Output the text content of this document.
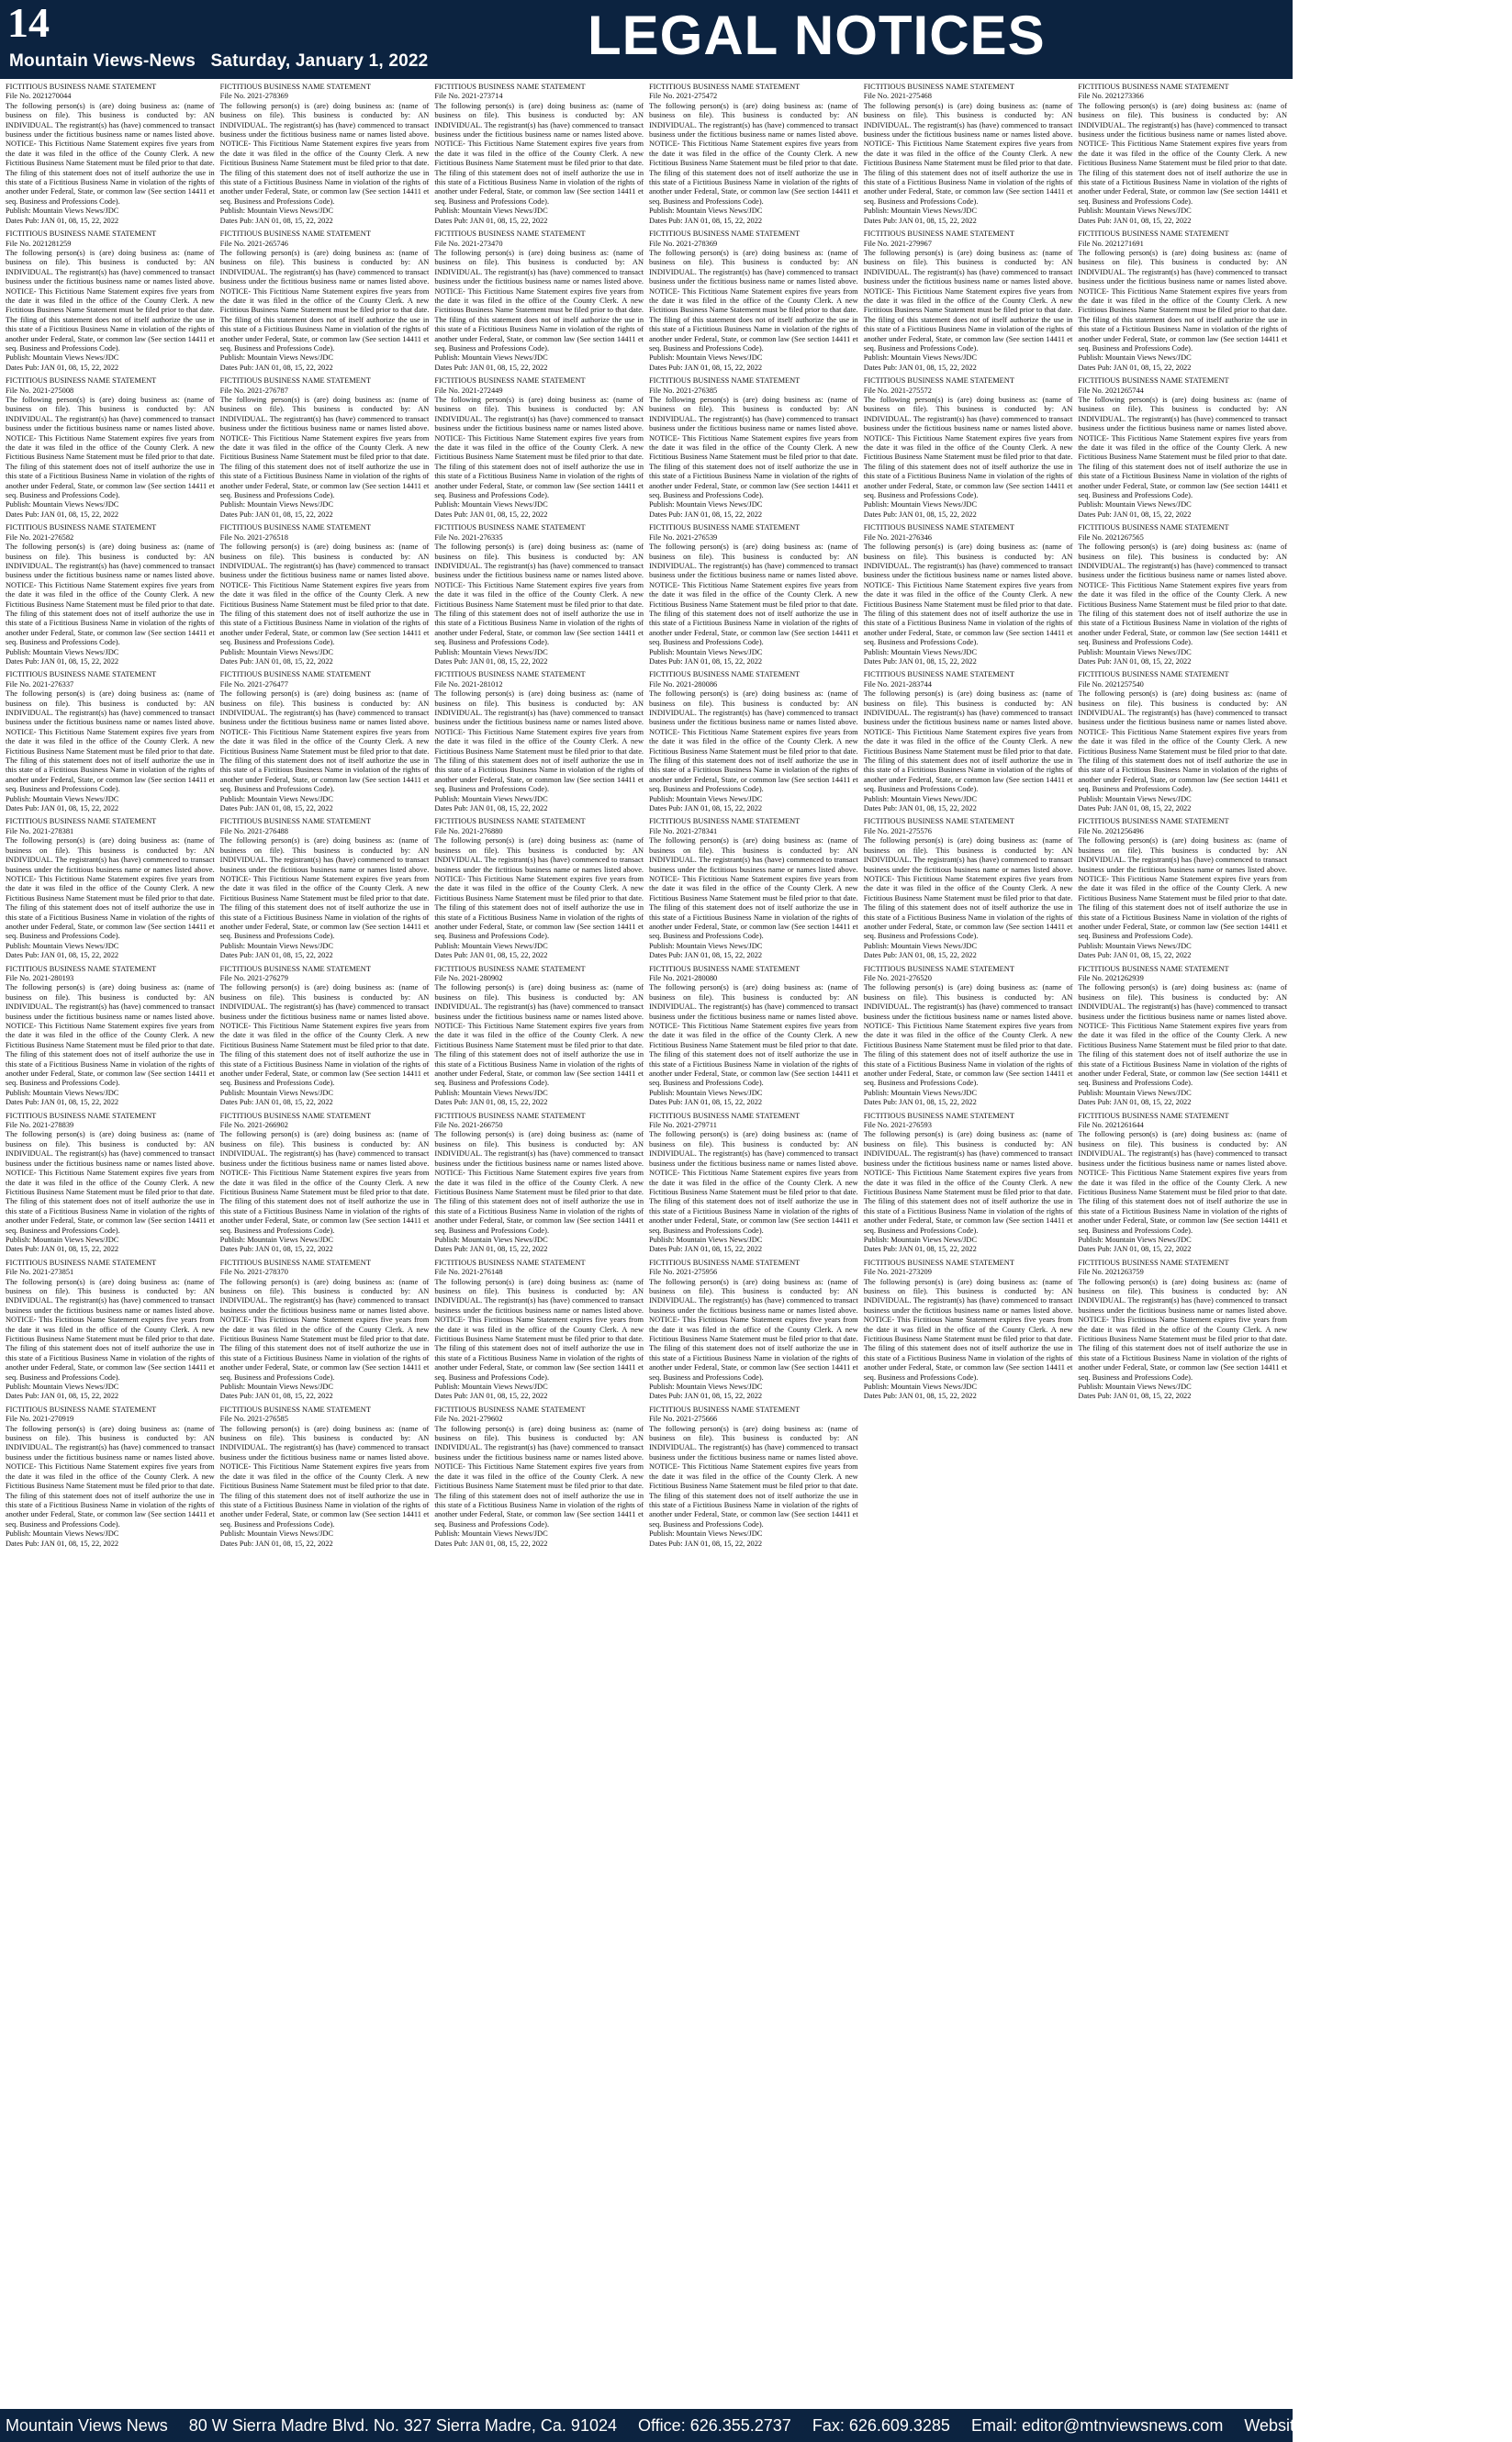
14
Mountain Views-News Saturday, January 1, 2022	LEGAL NOTICES

FICTITIOUS BUSINESS NAME STATEMENT

File No. 2021270044

The following person(s) is (are) doing business as: (name of business on file). This business is conducted by: AN INDIVIDUAL. The registrant(s) has (have) commenced to transact business under the fictitious business name or names listed above. NOTICE- This Fictitious Name Statement expires five years from the date it was filed in the office of the County Clerk. A new Fictitious Business Name Statement must be filed prior to that date. The filing of this statement does not of itself authorize the use in this state of a Fictitious Business Name in violation of the rights of another under Federal, State, or common law (See section 14411 et seq. Business and Professions Code).

Publish: Mountain Views News/JDC

Dates Pub: JAN 01, 08, 15, 22, 2022

FICTITIOUS BUSINESS NAME STATEMENT

File No. 2021281259

The following person(s) is (are) doing business as: (name of business on file). This business is conducted by: AN INDIVIDUAL. The registrant(s) has (have) commenced to transact business under the fictitious business name or names listed above. NOTICE- This Fictitious Name Statement expires five years from the date it was filed in the office of the County Clerk. A new Fictitious Business Name Statement must be filed prior to that date. The filing of this statement does not of itself authorize the use in this state of a Fictitious Business Name in violation of the rights of another under Federal, State, or common law (See section 14411 et seq. Business and Professions Code).

Publish: Mountain Views News/JDC

Dates Pub: JAN 01, 08, 15, 22, 2022

FICTITIOUS BUSINESS NAME STATEMENT

File No. 2021-275008

The following person(s) is (are) doing business as: (name of business on file). This business is conducted by: AN INDIVIDUAL. The registrant(s) has (have) commenced to transact business under the fictitious business name or names listed above. NOTICE- This Fictitious Name Statement expires five years from the date it was filed in the office of the County Clerk. A new Fictitious Business Name Statement must be filed prior to that date. The filing of this statement does not of itself authorize the use in this state of a Fictitious Business Name in violation of the rights of another under Federal, State, or common law (See section 14411 et seq. Business and Professions Code).

Publish: Mountain Views News/JDC

Dates Pub: JAN 01, 08, 15, 22, 2022

FICTITIOUS BUSINESS NAME STATEMENT

File No. 2021-276582

The following person(s) is (are) doing business as: (name of business on file). This business is conducted by: AN INDIVIDUAL. The registrant(s) has (have) commenced to transact business under the fictitious business name or names listed above. NOTICE- This Fictitious Name Statement expires five years from the date it was filed in the office of the County Clerk. A new Fictitious Business Name Statement must be filed prior to that date. The filing of this statement does not of itself authorize the use in this state of a Fictitious Business Name in violation of the rights of another under Federal, State, or common law (See section 14411 et seq. Business and Professions Code).

Publish: Mountain Views News/JDC

Dates Pub: JAN 01, 08, 15, 22, 2022

FICTITIOUS BUSINESS NAME STATEMENT

File No. 2021-276337

The following person(s) is (are) doing business as: (name of business on file). This business is conducted by: AN INDIVIDUAL. The registrant(s) has (have) commenced to transact business under the fictitious business name or names listed above. NOTICE- This Fictitious Name Statement expires five years from the date it was filed in the office of the County Clerk. A new Fictitious Business Name Statement must be filed prior to that date. The filing of this statement does not of itself authorize the use in this state of a Fictitious Business Name in violation of the rights of another under Federal, State, or common law (See section 14411 et seq. Business and Professions Code).

Publish: Mountain Views News/JDC

Dates Pub: JAN 01, 08, 15, 22, 2022

FICTITIOUS BUSINESS NAME STATEMENT

File No. 2021-278381

The following person(s) is (are) doing business as: (name of business on file). This business is conducted by: AN INDIVIDUAL. The registrant(s) has (have) commenced to transact business under the fictitious business name or names listed above. NOTICE- This Fictitious Name Statement expires five years from the date it was filed in the office of the County Clerk. A new Fictitious Business Name Statement must be filed prior to that date. The filing of this statement does not of itself authorize the use in this state of a Fictitious Business Name in violation of the rights of another under Federal, State, or common law (See section 14411 et seq. Business and Professions Code).

Publish: Mountain Views News/JDC

Dates Pub: JAN 01, 08, 15, 22, 2022

FICTITIOUS BUSINESS NAME STATEMENT

File No. 2021-280193

The following person(s) is (are) doing business as: (name of business on file). This business is conducted by: AN INDIVIDUAL. The registrant(s) has (have) commenced to transact business under the fictitious business name or names listed above. NOTICE- This Fictitious Name Statement expires five years from the date it was filed in the office of the County Clerk. A new Fictitious Business Name Statement must be filed prior to that date. The filing of this statement does not of itself authorize the use in this state of a Fictitious Business Name in violation of the rights of another under Federal, State, or common law (See section 14411 et seq. Business and Professions Code).

Publish: Mountain Views News/JDC

Dates Pub: JAN 01, 08, 15, 22, 2022

FICTITIOUS BUSINESS NAME STATEMENT

File No. 2021-278839

The following person(s) is (are) doing business as: (name of business on file). This business is conducted by: AN INDIVIDUAL. The registrant(s) has (have) commenced to transact business under the fictitious business name or names listed above. NOTICE- This Fictitious Name Statement expires five years from the date it was filed in the office of the County Clerk. A new Fictitious Business Name Statement must be filed prior to that date. The filing of this statement does not of itself authorize the use in this state of a Fictitious Business Name in violation of the rights of another under Federal, State, or common law (See section 14411 et seq. Business and Professions Code).

Publish: Mountain Views News/JDC

Dates Pub: JAN 01, 08, 15, 22, 2022

FICTITIOUS BUSINESS NAME STATEMENT

File No. 2021-273851

The following person(s) is (are) doing business as: (name of business on file). This business is conducted by: AN INDIVIDUAL. The registrant(s) has (have) commenced to transact business under the fictitious business name or names listed above. NOTICE- This Fictitious Name Statement expires five years from the date it was filed in the office of the County Clerk. A new Fictitious Business Name Statement must be filed prior to that date. The filing of this statement does not of itself authorize the use in this state of a Fictitious Business Name in violation of the rights of another under Federal, State, or common law (See section 14411 et seq. Business and Professions Code).

Publish: Mountain Views News/JDC

Dates Pub: JAN 01, 08, 15, 22, 2022

FICTITIOUS BUSINESS NAME STATEMENT

File No. 2021-270919

The following person(s) is (are) doing business as: (name of business on file). This business is conducted by: AN INDIVIDUAL. The registrant(s) has (have) commenced to transact business under the fictitious business name or names listed above. NOTICE- This Fictitious Name Statement expires five years from the date it was filed in the office of the County Clerk. A new Fictitious Business Name Statement must be filed prior to that date. The filing of this statement does not of itself authorize the use in this state of a Fictitious Business Name in violation of the rights of another under Federal, State, or common law (See section 14411 et seq. Business and Professions Code).

Publish: Mountain Views News/JDC

Dates Pub: JAN 01, 08, 15, 22, 2022

FICTITIOUS BUSINESS NAME STATEMENT

File No. 2021-278369

The following person(s) is (are) doing business as: (name of business on file). This business is conducted by: AN INDIVIDUAL. The registrant(s) has (have) commenced to transact business under the fictitious business name or names listed above. NOTICE- This Fictitious Name Statement expires five years from the date it was filed in the office of the County Clerk. A new Fictitious Business Name Statement must be filed prior to that date. The filing of this statement does not of itself authorize the use in this state of a Fictitious Business Name in violation of the rights of another under Federal, State, or common law (See section 14411 et seq. Business and Professions Code).

Publish: Mountain Views News/JDC

Dates Pub: JAN 01, 08, 15, 22, 2022

FICTITIOUS BUSINESS NAME STATEMENT

File No. 2021-265746

The following person(s) is (are) doing business as: (name of business on file). This business is conducted by: AN INDIVIDUAL. The registrant(s) has (have) commenced to transact business under the fictitious business name or names listed above. NOTICE- This Fictitious Name Statement expires five years from the date it was filed in the office of the County Clerk. A new Fictitious Business Name Statement must be filed prior to that date. The filing of this statement does not of itself authorize the use in this state of a Fictitious Business Name in violation of the rights of another under Federal, State, or common law (See section 14411 et seq. Business and Professions Code).

Publish: Mountain Views News/JDC

Dates Pub: JAN 01, 08, 15, 22, 2022

FICTITIOUS BUSINESS NAME STATEMENT

File No. 2021-276787

The following person(s) is (are) doing business as: (name of business on file). This business is conducted by: AN INDIVIDUAL. The registrant(s) has (have) commenced to transact business under the fictitious business name or names listed above. NOTICE- This Fictitious Name Statement expires five years from the date it was filed in the office of the County Clerk. A new Fictitious Business Name Statement must be filed prior to that date. The filing of this statement does not of itself authorize the use in this state of a Fictitious Business Name in violation of the rights of another under Federal, State, or common law (See section 14411 et seq. Business and Professions Code).

Publish: Mountain Views News/JDC

Dates Pub: JAN 01, 08, 15, 22, 2022

FICTITIOUS BUSINESS NAME STATEMENT

File No. 2021-276518

The following person(s) is (are) doing business as: (name of business on file). This business is conducted by: AN INDIVIDUAL. The registrant(s) has (have) commenced to transact business under the fictitious business name or names listed above. NOTICE- This Fictitious Name Statement expires five years from the date it was filed in the office of the County Clerk. A new Fictitious Business Name Statement must be filed prior to that date. The filing of this statement does not of itself authorize the use in this state of a Fictitious Business Name in violation of the rights of another under Federal, State, or common law (See section 14411 et seq. Business and Professions Code).

Publish: Mountain Views News/JDC

Dates Pub: JAN 01, 08, 15, 22, 2022

FICTITIOUS BUSINESS NAME STATEMENT

File No. 2021-276477

The following person(s) is (are) doing business as: (name of business on file). This business is conducted by: AN INDIVIDUAL. The registrant(s) has (have) commenced to transact business under the fictitious business name or names listed above. NOTICE- This Fictitious Name Statement expires five years from the date it was filed in the office of the County Clerk. A new Fictitious Business Name Statement must be filed prior to that date. The filing of this statement does not of itself authorize the use in this state of a Fictitious Business Name in violation of the rights of another under Federal, State, or common law (See section 14411 et seq. Business and Professions Code).

Publish: Mountain Views News/JDC

Dates Pub: JAN 01, 08, 15, 22, 2022

FICTITIOUS BUSINESS NAME STATEMENT

File No. 2021-276488

The following person(s) is (are) doing business as: (name of business on file). This business is conducted by: AN INDIVIDUAL. The registrant(s) has (have) commenced to transact business under the fictitious business name or names listed above. NOTICE- This Fictitious Name Statement expires five years from the date it was filed in the office of the County Clerk. A new Fictitious Business Name Statement must be filed prior to that date. The filing of this statement does not of itself authorize the use in this state of a Fictitious Business Name in violation of the rights of another under Federal, State, or common law (See section 14411 et seq. Business and Professions Code).

Publish: Mountain Views News/JDC

Dates Pub: JAN 01, 08, 15, 22, 2022

FICTITIOUS BUSINESS NAME STATEMENT

File No. 2021-276279

The following person(s) is (are) doing business as: (name of business on file). This business is conducted by: AN INDIVIDUAL. The registrant(s) has (have) commenced to transact business under the fictitious business name or names listed above. NOTICE- This Fictitious Name Statement expires five years from the date it was filed in the office of the County Clerk. A new Fictitious Business Name Statement must be filed prior to that date. The filing of this statement does not of itself authorize the use in this state of a Fictitious Business Name in violation of the rights of another under Federal, State, or common law (See section 14411 et seq. Business and Professions Code).

Publish: Mountain Views News/JDC

Dates Pub: JAN 01, 08, 15, 22, 2022

FICTITIOUS BUSINESS NAME STATEMENT

File No. 2021-266902

The following person(s) is (are) doing business as: (name of business on file). This business is conducted by: AN INDIVIDUAL. The registrant(s) has (have) commenced to transact business under the fictitious business name or names listed above. NOTICE- This Fictitious Name Statement expires five years from the date it was filed in the office of the County Clerk. A new Fictitious Business Name Statement must be filed prior to that date. The filing of this statement does not of itself authorize the use in this state of a Fictitious Business Name in violation of the rights of another under Federal, State, or common law (See section 14411 et seq. Business and Professions Code).

Publish: Mountain Views News/JDC

Dates Pub: JAN 01, 08, 15, 22, 2022

FICTITIOUS BUSINESS NAME STATEMENT

File No. 2021-278370

The following person(s) is (are) doing business as: (name of business on file). This business is conducted by: AN INDIVIDUAL. The registrant(s) has (have) commenced to transact business under the fictitious business name or names listed above. NOTICE- This Fictitious Name Statement expires five years from the date it was filed in the office of the County Clerk. A new Fictitious Business Name Statement must be filed prior to that date. The filing of this statement does not of itself authorize the use in this state of a Fictitious Business Name in violation of the rights of another under Federal, State, or common law (See section 14411 et seq. Business and Professions Code).

Publish: Mountain Views News/JDC

Dates Pub: JAN 01, 08, 15, 22, 2022

FICTITIOUS BUSINESS NAME STATEMENT

File No. 2021-276585

The following person(s) is (are) doing business as: (name of business on file). This business is conducted by: AN INDIVIDUAL. The registrant(s) has (have) commenced to transact business under the fictitious business name or names listed above. NOTICE- This Fictitious Name Statement expires five years from the date it was filed in the office of the County Clerk. A new Fictitious Business Name Statement must be filed prior to that date. The filing of this statement does not of itself authorize the use in this state of a Fictitious Business Name in violation of the rights of another under Federal, State, or common law (See section 14411 et seq. Business and Professions Code).

Publish: Mountain Views News/JDC

Dates Pub: JAN 01, 08, 15, 22, 2022

FICTITIOUS BUSINESS NAME STATEMENT

File No. 2021-273714

The following person(s) is (are) doing business as: (name of business on file). This business is conducted by: AN INDIVIDUAL. The registrant(s) has (have) commenced to transact business under the fictitious business name or names listed above. NOTICE- This Fictitious Name Statement expires five years from the date it was filed in the office of the County Clerk. A new Fictitious Business Name Statement must be filed prior to that date. The filing of this statement does not of itself authorize the use in this state of a Fictitious Business Name in violation of the rights of another under Federal, State, or common law (See section 14411 et seq. Business and Professions Code).

Publish: Mountain Views News/JDC

Dates Pub: JAN 01, 08, 15, 22, 2022

FICTITIOUS BUSINESS NAME STATEMENT

File No. 2021-273470

The following person(s) is (are) doing business as: (name of business on file). This business is conducted by: AN INDIVIDUAL. The registrant(s) has (have) commenced to transact business under the fictitious business name or names listed above. NOTICE- This Fictitious Name Statement expires five years from the date it was filed in the office of the County Clerk. A new Fictitious Business Name Statement must be filed prior to that date. The filing of this statement does not of itself authorize the use in this state of a Fictitious Business Name in violation of the rights of another under Federal, State, or common law (See section 14411 et seq. Business and Professions Code).

Publish: Mountain Views News/JDC

Dates Pub: JAN 01, 08, 15, 22, 2022

FICTITIOUS BUSINESS NAME STATEMENT

File No. 2021-272449

The following person(s) is (are) doing business as: (name of business on file). This business is conducted by: AN INDIVIDUAL. The registrant(s) has (have) commenced to transact business under the fictitious business name or names listed above. NOTICE- This Fictitious Name Statement expires five years from the date it was filed in the office of the County Clerk. A new Fictitious Business Name Statement must be filed prior to that date. The filing of this statement does not of itself authorize the use in this state of a Fictitious Business Name in violation of the rights of another under Federal, State, or common law (See section 14411 et seq. Business and Professions Code).

Publish: Mountain Views News/JDC

Dates Pub: JAN 01, 08, 15, 22, 2022

FICTITIOUS BUSINESS NAME STATEMENT

File No. 2021-276335

The following person(s) is (are) doing business as: (name of business on file). This business is conducted by: AN INDIVIDUAL. The registrant(s) has (have) commenced to transact business under the fictitious business name or names listed above. NOTICE- This Fictitious Name Statement expires five years from the date it was filed in the office of the County Clerk. A new Fictitious Business Name Statement must be filed prior to that date. The filing of this statement does not of itself authorize the use in this state of a Fictitious Business Name in violation of the rights of another under Federal, State, or common law (See section 14411 et seq. Business and Professions Code).

Publish: Mountain Views News/JDC

Dates Pub: JAN 01, 08, 15, 22, 2022

FICTITIOUS BUSINESS NAME STATEMENT

File No. 2021-281012

The following person(s) is (are) doing business as: (name of business on file). This business is conducted by: AN INDIVIDUAL. The registrant(s) has (have) commenced to transact business under the fictitious business name or names listed above. NOTICE- This Fictitious Name Statement expires five years from the date it was filed in the office of the County Clerk. A new Fictitious Business Name Statement must be filed prior to that date. The filing of this statement does not of itself authorize the use in this state of a Fictitious Business Name in violation of the rights of another under Federal, State, or common law (See section 14411 et seq. Business and Professions Code).

Publish: Mountain Views News/JDC

Dates Pub: JAN 01, 08, 15, 22, 2022

FICTITIOUS BUSINESS NAME STATEMENT

File No. 2021-276880

The following person(s) is (are) doing business as: (name of business on file). This business is conducted by: AN INDIVIDUAL. The registrant(s) has (have) commenced to transact business under the fictitious business name or names listed above. NOTICE- This Fictitious Name Statement expires five years from the date it was filed in the office of the County Clerk. A new Fictitious Business Name Statement must be filed prior to that date. The filing of this statement does not of itself authorize the use in this state of a Fictitious Business Name in violation of the rights of another under Federal, State, or common law (See section 14411 et seq. Business and Professions Code).

Publish: Mountain Views News/JDC

Dates Pub: JAN 01, 08, 15, 22, 2022

FICTITIOUS BUSINESS NAME STATEMENT

File No. 2021-280902

The following person(s) is (are) doing business as: (name of business on file). This business is conducted by: AN INDIVIDUAL. The registrant(s) has (have) commenced to transact business under the fictitious business name or names listed above. NOTICE- This Fictitious Name Statement expires five years from the date it was filed in the office of the County Clerk. A new Fictitious Business Name Statement must be filed prior to that date. The filing of this statement does not of itself authorize the use in this state of a Fictitious Business Name in violation of the rights of another under Federal, State, or common law (See section 14411 et seq. Business and Professions Code).

Publish: Mountain Views News/JDC

Dates Pub: JAN 01, 08, 15, 22, 2022

FICTITIOUS BUSINESS NAME STATEMENT

File No. 2021-266750

The following person(s) is (are) doing business as: (name of business on file). This business is conducted by: AN INDIVIDUAL. The registrant(s) has (have) commenced to transact business under the fictitious business name or names listed above. NOTICE- This Fictitious Name Statement expires five years from the date it was filed in the office of the County Clerk. A new Fictitious Business Name Statement must be filed prior to that date. The filing of this statement does not of itself authorize the use in this state of a Fictitious Business Name in violation of the rights of another under Federal, State, or common law (See section 14411 et seq. Business and Professions Code).

Publish: Mountain Views News/JDC

Dates Pub: JAN 01, 08, 15, 22, 2022

FICTITIOUS BUSINESS NAME STATEMENT

File No. 2021-276148

The following person(s) is (are) doing business as: (name of business on file). This business is conducted by: AN INDIVIDUAL. The registrant(s) has (have) commenced to transact business under the fictitious business name or names listed above. NOTICE- This Fictitious Name Statement expires five years from the date it was filed in the office of the County Clerk. A new Fictitious Business Name Statement must be filed prior to that date. The filing of this statement does not of itself authorize the use in this state of a Fictitious Business Name in violation of the rights of another under Federal, State, or common law (See section 14411 et seq. Business and Professions Code).

Publish: Mountain Views News/JDC

Dates Pub: JAN 01, 08, 15, 22, 2022

FICTITIOUS BUSINESS NAME STATEMENT

File No. 2021-279602

The following person(s) is (are) doing business as: (name of business on file). This business is conducted by: AN INDIVIDUAL. The registrant(s) has (have) commenced to transact business under the fictitious business name or names listed above. NOTICE- This Fictitious Name Statement expires five years from the date it was filed in the office of the County Clerk. A new Fictitious Business Name Statement must be filed prior to that date. The filing of this statement does not of itself authorize the use in this state of a Fictitious Business Name in violation of the rights of another under Federal, State, or common law (See section 14411 et seq. Business and Professions Code).

Publish: Mountain Views News/JDC

Dates Pub: JAN 01, 08, 15, 22, 2022

FICTITIOUS BUSINESS NAME STATEMENT

File No. 2021-275472

The following person(s) is (are) doing business as: (name of business on file). This business is conducted by: AN INDIVIDUAL. The registrant(s) has (have) commenced to transact business under the fictitious business name or names listed above. NOTICE- This Fictitious Name Statement expires five years from the date it was filed in the office of the County Clerk. A new Fictitious Business Name Statement must be filed prior to that date. The filing of this statement does not of itself authorize the use in this state of a Fictitious Business Name in violation of the rights of another under Federal, State, or common law (See section 14411 et seq. Business and Professions Code).

Publish: Mountain Views News/JDC

Dates Pub: JAN 01, 08, 15, 22, 2022

FICTITIOUS BUSINESS NAME STATEMENT

File No. 2021-278369

The following person(s) is (are) doing business as: (name of business on file). This business is conducted by: AN INDIVIDUAL. The registrant(s) has (have) commenced to transact business under the fictitious business name or names listed above. NOTICE- This Fictitious Name Statement expires five years from the date it was filed in the office of the County Clerk. A new Fictitious Business Name Statement must be filed prior to that date. The filing of this statement does not of itself authorize the use in this state of a Fictitious Business Name in violation of the rights of another under Federal, State, or common law (See section 14411 et seq. Business and Professions Code).

Publish: Mountain Views News/JDC

Dates Pub: JAN 01, 08, 15, 22, 2022

FICTITIOUS BUSINESS NAME STATEMENT

File No. 2021-276385

The following person(s) is (are) doing business as: (name of business on file). This business is conducted by: AN INDIVIDUAL. The registrant(s) has (have) commenced to transact business under the fictitious business name or names listed above. NOTICE- This Fictitious Name Statement expires five years from the date it was filed in the office of the County Clerk. A new Fictitious Business Name Statement must be filed prior to that date. The filing of this statement does not of itself authorize the use in this state of a Fictitious Business Name in violation of the rights of another under Federal, State, or common law (See section 14411 et seq. Business and Professions Code).

Publish: Mountain Views News/JDC

Dates Pub: JAN 01, 08, 15, 22, 2022

FICTITIOUS BUSINESS NAME STATEMENT

File No. 2021-276539

The following person(s) is (are) doing business as: (name of business on file). This business is conducted by: AN INDIVIDUAL. The registrant(s) has (have) commenced to transact business under the fictitious business name or names listed above. NOTICE- This Fictitious Name Statement expires five years from the date it was filed in the office of the County Clerk. A new Fictitious Business Name Statement must be filed prior to that date. The filing of this statement does not of itself authorize the use in this state of a Fictitious Business Name in violation of the rights of another under Federal, State, or common law (See section 14411 et seq. Business and Professions Code).

Publish: Mountain Views News/JDC

Dates Pub: JAN 01, 08, 15, 22, 2022

FICTITIOUS BUSINESS NAME STATEMENT

File No. 2021-280086

The following person(s) is (are) doing business as: (name of business on file). This business is conducted by: AN INDIVIDUAL. The registrant(s) has (have) commenced to transact business under the fictitious business name or names listed above. NOTICE- This Fictitious Name Statement expires five years from the date it was filed in the office of the County Clerk. A new Fictitious Business Name Statement must be filed prior to that date. The filing of this statement does not of itself authorize the use in this state of a Fictitious Business Name in violation of the rights of another under Federal, State, or common law (See section 14411 et seq. Business and Professions Code).

Publish: Mountain Views News/JDC

Dates Pub: JAN 01, 08, 15, 22, 2022

FICTITIOUS BUSINESS NAME STATEMENT

File No. 2021-278341

The following person(s) is (are) doing business as: (name of business on file). This business is conducted by: AN INDIVIDUAL. The registrant(s) has (have) commenced to transact business under the fictitious business name or names listed above. NOTICE- This Fictitious Name Statement expires five years from the date it was filed in the office of the County Clerk. A new Fictitious Business Name Statement must be filed prior to that date. The filing of this statement does not of itself authorize the use in this state of a Fictitious Business Name in violation of the rights of another under Federal, State, or common law (See section 14411 et seq. Business and Professions Code).

Publish: Mountain Views News/JDC

Dates Pub: JAN 01, 08, 15, 22, 2022

FICTITIOUS BUSINESS NAME STATEMENT

File No. 2021-280080

The following person(s) is (are) doing business as: (name of business on file). This business is conducted by: AN INDIVIDUAL. The registrant(s) has (have) commenced to transact business under the fictitious business name or names listed above. NOTICE- This Fictitious Name Statement expires five years from the date it was filed in the office of the County Clerk. A new Fictitious Business Name Statement must be filed prior to that date. The filing of this statement does not of itself authorize the use in this state of a Fictitious Business Name in violation of the rights of another under Federal, State, or common law (See section 14411 et seq. Business and Professions Code).

Publish: Mountain Views News/JDC

Dates Pub: JAN 01, 08, 15, 22, 2022

FICTITIOUS BUSINESS NAME STATEMENT

File No. 2021-279711

The following person(s) is (are) doing business as: (name of business on file). This business is conducted by: AN INDIVIDUAL. The registrant(s) has (have) commenced to transact business under the fictitious business name or names listed above. NOTICE- This Fictitious Name Statement expires five years from the date it was filed in the office of the County Clerk. A new Fictitious Business Name Statement must be filed prior to that date. The filing of this statement does not of itself authorize the use in this state of a Fictitious Business Name in violation of the rights of another under Federal, State, or common law (See section 14411 et seq. Business and Professions Code).

Publish: Mountain Views News/JDC

Dates Pub: JAN 01, 08, 15, 22, 2022

FICTITIOUS BUSINESS NAME STATEMENT

File No. 2021-275956

The following person(s) is (are) doing business as: (name of business on file). This business is conducted by: AN INDIVIDUAL. The registrant(s) has (have) commenced to transact business under the fictitious business name or names listed above. NOTICE- This Fictitious Name Statement expires five years from the date it was filed in the office of the County Clerk. A new Fictitious Business Name Statement must be filed prior to that date. The filing of this statement does not of itself authorize the use in this state of a Fictitious Business Name in violation of the rights of another under Federal, State, or common law (See section 14411 et seq. Business and Professions Code).

Publish: Mountain Views News/JDC

Dates Pub: JAN 01, 08, 15, 22, 2022

FICTITIOUS BUSINESS NAME STATEMENT

File No. 2021-275666

The following person(s) is (are) doing business as: (name of business on file). This business is conducted by: AN INDIVIDUAL. The registrant(s) has (have) commenced to transact business under the fictitious business name or names listed above. NOTICE- This Fictitious Name Statement expires five years from the date it was filed in the office of the County Clerk. A new Fictitious Business Name Statement must be filed prior to that date. The filing of this statement does not of itself authorize the use in this state of a Fictitious Business Name in violation of the rights of another under Federal, State, or common law (See section 14411 et seq. Business and Professions Code).

Publish: Mountain Views News/JDC

Dates Pub: JAN 01, 08, 15, 22, 2022

FICTITIOUS BUSINESS NAME STATEMENT

File No. 2021-275468

The following person(s) is (are) doing business as: (name of business on file). This business is conducted by: AN INDIVIDUAL. The registrant(s) has (have) commenced to transact business under the fictitious business name or names listed above. NOTICE- This Fictitious Name Statement expires five years from the date it was filed in the office of the County Clerk. A new Fictitious Business Name Statement must be filed prior to that date. The filing of this statement does not of itself authorize the use in this state of a Fictitious Business Name in violation of the rights of another under Federal, State, or common law (See section 14411 et seq. Business and Professions Code).

Publish: Mountain Views News/JDC

Dates Pub: JAN 01, 08, 15, 22, 2022

FICTITIOUS BUSINESS NAME STATEMENT

File No. 2021-279967

The following person(s) is (are) doing business as: (name of business on file). This business is conducted by: AN INDIVIDUAL. The registrant(s) has (have) commenced to transact business under the fictitious business name or names listed above. NOTICE- This Fictitious Name Statement expires five years from the date it was filed in the office of the County Clerk. A new Fictitious Business Name Statement must be filed prior to that date. The filing of this statement does not of itself authorize the use in this state of a Fictitious Business Name in violation of the rights of another under Federal, State, or common law (See section 14411 et seq. Business and Professions Code).

Publish: Mountain Views News/JDC

Dates Pub: JAN 01, 08, 15, 22, 2022

FICTITIOUS BUSINESS NAME STATEMENT

File No. 2021-275572

The following person(s) is (are) doing business as: (name of business on file). This business is conducted by: AN INDIVIDUAL. The registrant(s) has (have) commenced to transact business under the fictitious business name or names listed above. NOTICE- This Fictitious Name Statement expires five years from the date it was filed in the office of the County Clerk. A new Fictitious Business Name Statement must be filed prior to that date. The filing of this statement does not of itself authorize the use in this state of a Fictitious Business Name in violation of the rights of another under Federal, State, or common law (See section 14411 et seq. Business and Professions Code).

Publish: Mountain Views News/JDC

Dates Pub: JAN 01, 08, 15, 22, 2022

FICTITIOUS BUSINESS NAME STATEMENT

File No. 2021-276346

The following person(s) is (are) doing business as: (name of business on file). This business is conducted by: AN INDIVIDUAL. The registrant(s) has (have) commenced to transact business under the fictitious business name or names listed above. NOTICE- This Fictitious Name Statement expires five years from the date it was filed in the office of the County Clerk. A new Fictitious Business Name Statement must be filed prior to that date. The filing of this statement does not of itself authorize the use in this state of a Fictitious Business Name in violation of the rights of another under Federal, State, or common law (See section 14411 et seq. Business and Professions Code).

Publish: Mountain Views News/JDC

Dates Pub: JAN 01, 08, 15, 22, 2022

FICTITIOUS BUSINESS NAME STATEMENT

File No. 2021-283744

The following person(s) is (are) doing business as: (name of business on file). This business is conducted by: AN INDIVIDUAL. The registrant(s) has (have) commenced to transact business under the fictitious business name or names listed above. NOTICE- This Fictitious Name Statement expires five years from the date it was filed in the office of the County Clerk. A new Fictitious Business Name Statement must be filed prior to that date. The filing of this statement does not of itself authorize the use in this state of a Fictitious Business Name in violation of the rights of another under Federal, State, or common law (See section 14411 et seq. Business and Professions Code).

Publish: Mountain Views News/JDC

Dates Pub: JAN 01, 08, 15, 22, 2022

FICTITIOUS BUSINESS NAME STATEMENT

File No. 2021-275576

The following person(s) is (are) doing business as: (name of business on file). This business is conducted by: AN INDIVIDUAL. The registrant(s) has (have) commenced to transact business under the fictitious business name or names listed above. NOTICE- This Fictitious Name Statement expires five years from the date it was filed in the office of the County Clerk. A new Fictitious Business Name Statement must be filed prior to that date. The filing of this statement does not of itself authorize the use in this state of a Fictitious Business Name in violation of the rights of another under Federal, State, or common law (See section 14411 et seq. Business and Professions Code).

Publish: Mountain Views News/JDC

Dates Pub: JAN 01, 08, 15, 22, 2022

FICTITIOUS BUSINESS NAME STATEMENT

File No. 2021-276520

The following person(s) is (are) doing business as: (name of business on file). This business is conducted by: AN INDIVIDUAL. The registrant(s) has (have) commenced to transact business under the fictitious business name or names listed above. NOTICE- This Fictitious Name Statement expires five years from the date it was filed in the office of the County Clerk. A new Fictitious Business Name Statement must be filed prior to that date. The filing of this statement does not of itself authorize the use in this state of a Fictitious Business Name in violation of the rights of another under Federal, State, or common law (See section 14411 et seq. Business and Professions Code).

Publish: Mountain Views News/JDC

Dates Pub: JAN 01, 08, 15, 22, 2022

FICTITIOUS BUSINESS NAME STATEMENT

File No. 2021-276593

The following person(s) is (are) doing business as: (name of business on file). This business is conducted by: AN INDIVIDUAL. The registrant(s) has (have) commenced to transact business under the fictitious business name or names listed above. NOTICE- This Fictitious Name Statement expires five years from the date it was filed in the office of the County Clerk. A new Fictitious Business Name Statement must be filed prior to that date. The filing of this statement does not of itself authorize the use in this state of a Fictitious Business Name in violation of the rights of another under Federal, State, or common law (See section 14411 et seq. Business and Professions Code).

Publish: Mountain Views News/JDC

Dates Pub: JAN 01, 08, 15, 22, 2022

FICTITIOUS BUSINESS NAME STATEMENT

File No. 2021-273209

The following person(s) is (are) doing business as: (name of business on file). This business is conducted by: AN INDIVIDUAL. The registrant(s) has (have) commenced to transact business under the fictitious business name or names listed above. NOTICE- This Fictitious Name Statement expires five years from the date it was filed in the office of the County Clerk. A new Fictitious Business Name Statement must be filed prior to that date. The filing of this statement does not of itself authorize the use in this state of a Fictitious Business Name in violation of the rights of another under Federal, State, or common law (See section 14411 et seq. Business and Professions Code).

Publish: Mountain Views News/JDC

Dates Pub: JAN 01, 08, 15, 22, 2022

FICTITIOUS BUSINESS NAME STATEMENT

File No. 2021273366

The following person(s) is (are) doing business as: (name of business on file). This business is conducted by: AN INDIVIDUAL. The registrant(s) has (have) commenced to transact business under the fictitious business name or names listed above. NOTICE- This Fictitious Name Statement expires five years from the date it was filed in the office of the County Clerk. A new Fictitious Business Name Statement must be filed prior to that date. The filing of this statement does not of itself authorize the use in this state of a Fictitious Business Name in violation of the rights of another under Federal, State, or common law (See section 14411 et seq. Business and Professions Code).

Publish: Mountain Views News/JDC

Dates Pub: JAN 01, 08, 15, 22, 2022

FICTITIOUS BUSINESS NAME STATEMENT

File No. 2021271691

The following person(s) is (are) doing business as: (name of business on file). This business is conducted by: AN INDIVIDUAL. The registrant(s) has (have) commenced to transact business under the fictitious business name or names listed above. NOTICE- This Fictitious Name Statement expires five years from the date it was filed in the office of the County Clerk. A new Fictitious Business Name Statement must be filed prior to that date. The filing of this statement does not of itself authorize the use in this state of a Fictitious Business Name in violation of the rights of another under Federal, State, or common law (See section 14411 et seq. Business and Professions Code).

Publish: Mountain Views News/JDC

Dates Pub: JAN 01, 08, 15, 22, 2022

FICTITIOUS BUSINESS NAME STATEMENT

File No. 2021265744

The following person(s) is (are) doing business as: (name of business on file). This business is conducted by: AN INDIVIDUAL. The registrant(s) has (have) commenced to transact business under the fictitious business name or names listed above. NOTICE- This Fictitious Name Statement expires five years from the date it was filed in the office of the County Clerk. A new Fictitious Business Name Statement must be filed prior to that date. The filing of this statement does not of itself authorize the use in this state of a Fictitious Business Name in violation of the rights of another under Federal, State, or common law (See section 14411 et seq. Business and Professions Code).

Publish: Mountain Views News/JDC

Dates Pub: JAN 01, 08, 15, 22, 2022

FICTITIOUS BUSINESS NAME STATEMENT

File No. 2021267565

The following person(s) is (are) doing business as: (name of business on file). This business is conducted by: AN INDIVIDUAL. The registrant(s) has (have) commenced to transact business under the fictitious business name or names listed above. NOTICE- This Fictitious Name Statement expires five years from the date it was filed in the office of the County Clerk. A new Fictitious Business Name Statement must be filed prior to that date. The filing of this statement does not of itself authorize the use in this state of a Fictitious Business Name in violation of the rights of another under Federal, State, or common law (See section 14411 et seq. Business and Professions Code).

Publish: Mountain Views News/JDC

Dates Pub: JAN 01, 08, 15, 22, 2022

FICTITIOUS BUSINESS NAME STATEMENT

File No. 2021257540

The following person(s) is (are) doing business as: (name of business on file). This business is conducted by: AN INDIVIDUAL. The registrant(s) has (have) commenced to transact business under the fictitious business name or names listed above. NOTICE- This Fictitious Name Statement expires five years from the date it was filed in the office of the County Clerk. A new Fictitious Business Name Statement must be filed prior to that date. The filing of this statement does not of itself authorize the use in this state of a Fictitious Business Name in violation of the rights of another under Federal, State, or common law (See section 14411 et seq. Business and Professions Code).

Publish: Mountain Views News/JDC

Dates Pub: JAN 01, 08, 15, 22, 2022

FICTITIOUS BUSINESS NAME STATEMENT

File No. 2021256496

The following person(s) is (are) doing business as: (name of business on file). This business is conducted by: AN INDIVIDUAL. The registrant(s) has (have) commenced to transact business under the fictitious business name or names listed above. NOTICE- This Fictitious Name Statement expires five years from the date it was filed in the office of the County Clerk. A new Fictitious Business Name Statement must be filed prior to that date. The filing of this statement does not of itself authorize the use in this state of a Fictitious Business Name in violation of the rights of another under Federal, State, or common law (See section 14411 et seq. Business and Professions Code).

Publish: Mountain Views News/JDC

Dates Pub: JAN 01, 08, 15, 22, 2022

FICTITIOUS BUSINESS NAME STATEMENT

File No. 2021262939

The following person(s) is (are) doing business as: (name of business on file). This business is conducted by: AN INDIVIDUAL. The registrant(s) has (have) commenced to transact business under the fictitious business name or names listed above. NOTICE- This Fictitious Name Statement expires five years from the date it was filed in the office of the County Clerk. A new Fictitious Business Name Statement must be filed prior to that date. The filing of this statement does not of itself authorize the use in this state of a Fictitious Business Name in violation of the rights of another under Federal, State, or common law (See section 14411 et seq. Business and Professions Code).

Publish: Mountain Views News/JDC

Dates Pub: JAN 01, 08, 15, 22, 2022

FICTITIOUS BUSINESS NAME STATEMENT

File No. 2021261644

The following person(s) is (are) doing business as: (name of business on file). This business is conducted by: AN INDIVIDUAL. The registrant(s) has (have) commenced to transact business under the fictitious business name or names listed above. NOTICE- This Fictitious Name Statement expires five years from the date it was filed in the office of the County Clerk. A new Fictitious Business Name Statement must be filed prior to that date. The filing of this statement does not of itself authorize the use in this state of a Fictitious Business Name in violation of the rights of another under Federal, State, or common law (See section 14411 et seq. Business and Professions Code).

Publish: Mountain Views News/JDC

Dates Pub: JAN 01, 08, 15, 22, 2022

FICTITIOUS BUSINESS NAME STATEMENT

File No. 2021263759

The following person(s) is (are) doing business as: (name of business on file). This business is conducted by: AN INDIVIDUAL. The registrant(s) has (have) commenced to transact business under the fictitious business name or names listed above. NOTICE- This Fictitious Name Statement expires five years from the date it was filed in the office of the County Clerk. A new Fictitious Business Name Statement must be filed prior to that date. The filing of this statement does not of itself authorize the use in this state of a Fictitious Business Name in violation of the rights of another under Federal, State, or common law (See section 14411 et seq. Business and Professions Code).

Publish: Mountain Views News/JDC

Dates Pub: JAN 01, 08, 15, 22, 2022

Mountain Views News 80 W Sierra Madre Blvd. No. 327 Sierra Madre, Ca. 91024 Office: 626.355.2737 Fax: 626.609.3285 Email: editor@mtnviewsnews.com Website: www.mtnviewsnews.com
